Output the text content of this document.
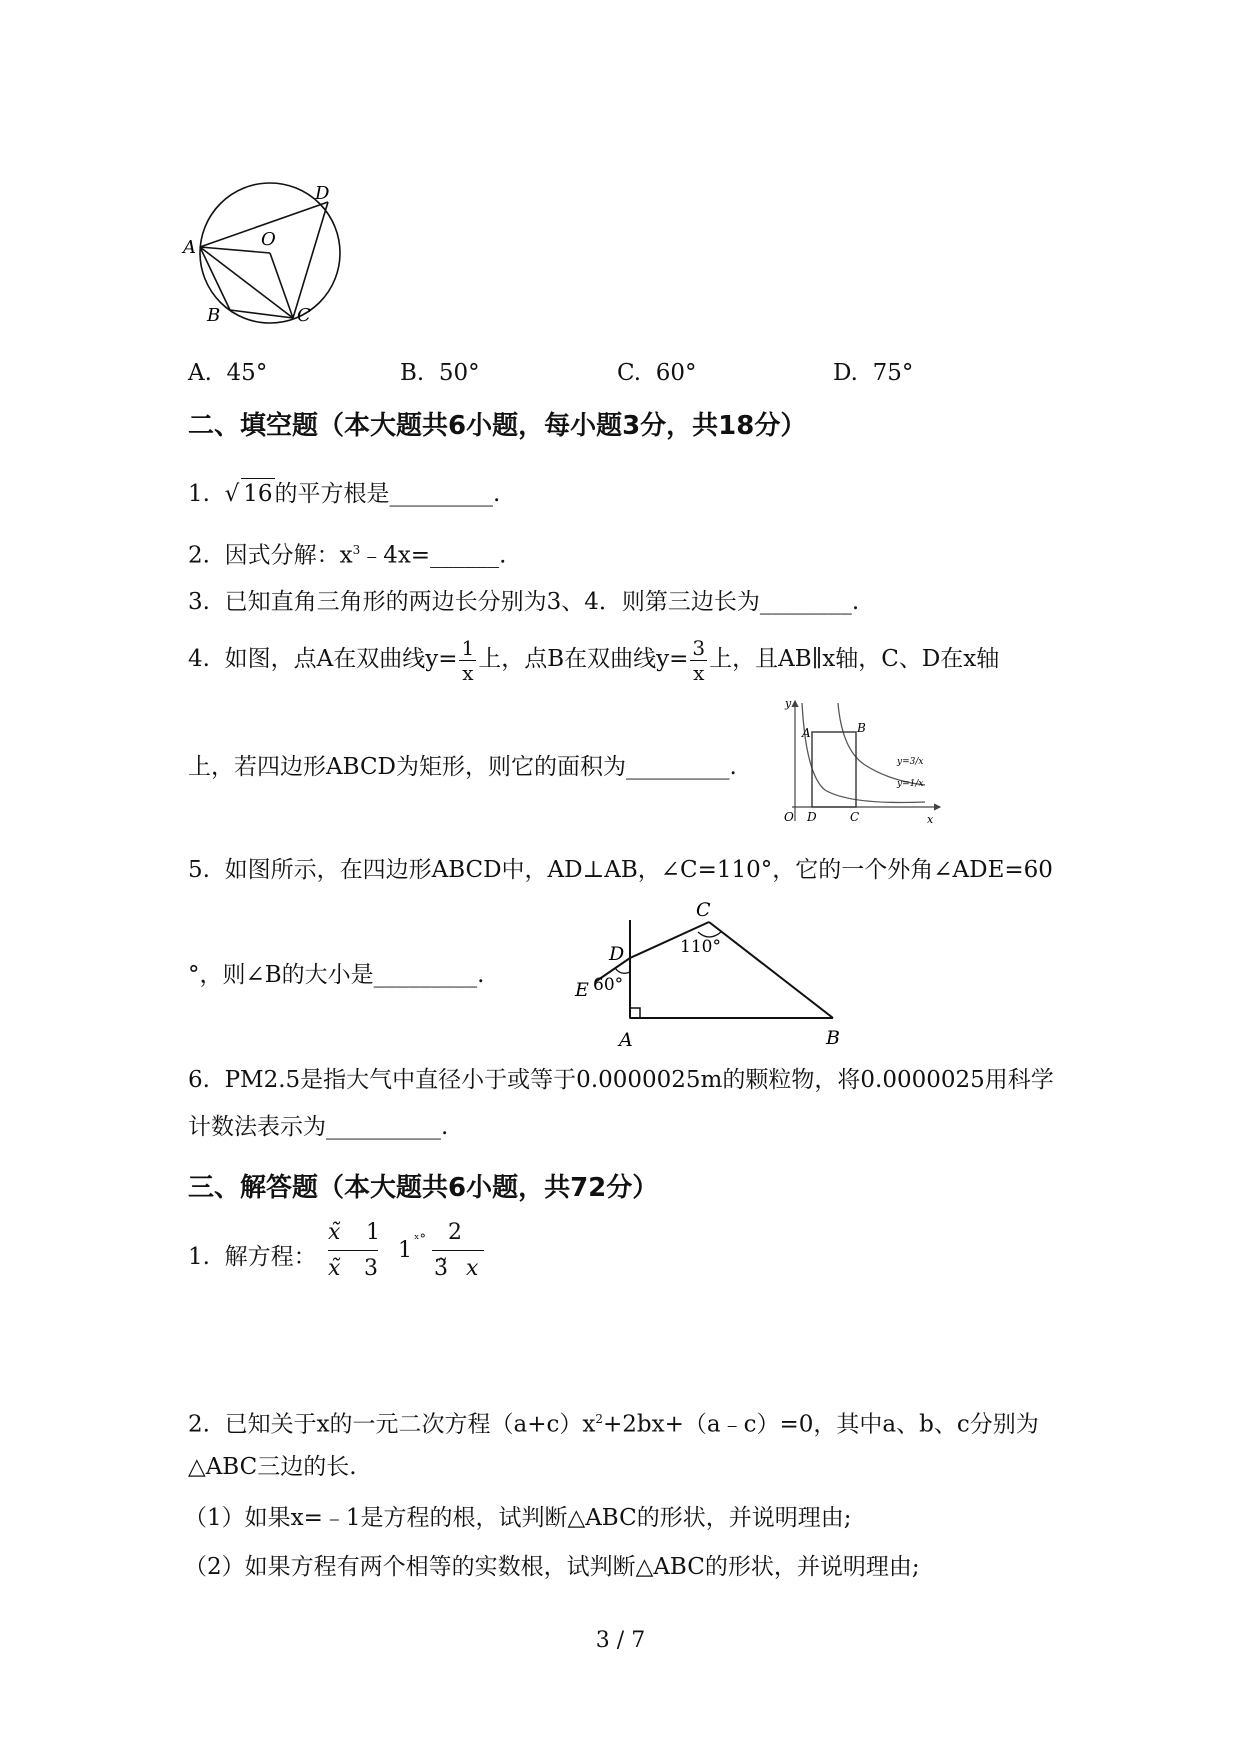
A
B	C
D
O
A. 45°	B. 50°	C. 60°	D. 75°
二、填空题（本大题共6小题，每小题3分，共18分）
1. √ 16的平方根是_________.
2. 因式分解：$x^3﹣4x=\_\_\_\_\_\_$.
3. 已知直角三角形的两边长分别为3、4．则第三边长为________.
4. 如图，点A在双曲线$y= \frac{1}{x}$ 上，点B在双曲线$y= \frac{3}{x}$ 上，且AB∥x轴，C、D在x轴
上，若四边形ABCD为矩形，则它的面积为_________.
y
x
O
A	B
D	C
y=3/x
y=1/x
5. 如图所示，在四边形ABCD中，AD⊥AB，∠C=110°，它的一个外角∠ADE=60
°，则∠B的大小是_________.
C
D
E
A	B
110°
60°
6. PM2.5是指大气中直径小于或等于0.0000025m的颗粒物，将0.0000025用科学
计数法表示为__________.
三、解答题（本大题共6小题，共72分）
1. 解方程：
x̃ 1
x̃ 3
1 ˣ° 2
3̃ x
2. 已知关于x的一元二次方程$(a+c)x^2+2bx+(a﹣c)=0$，其中a、b、c分别为
△ABC三边的长.
（1）如果x=﹣1是方程的根，试判断△ABC的形状，并说明理由;
（2）如果方程有两个相等的实数根，试判断△ABC的形状，并说明理由;
3 / 7
